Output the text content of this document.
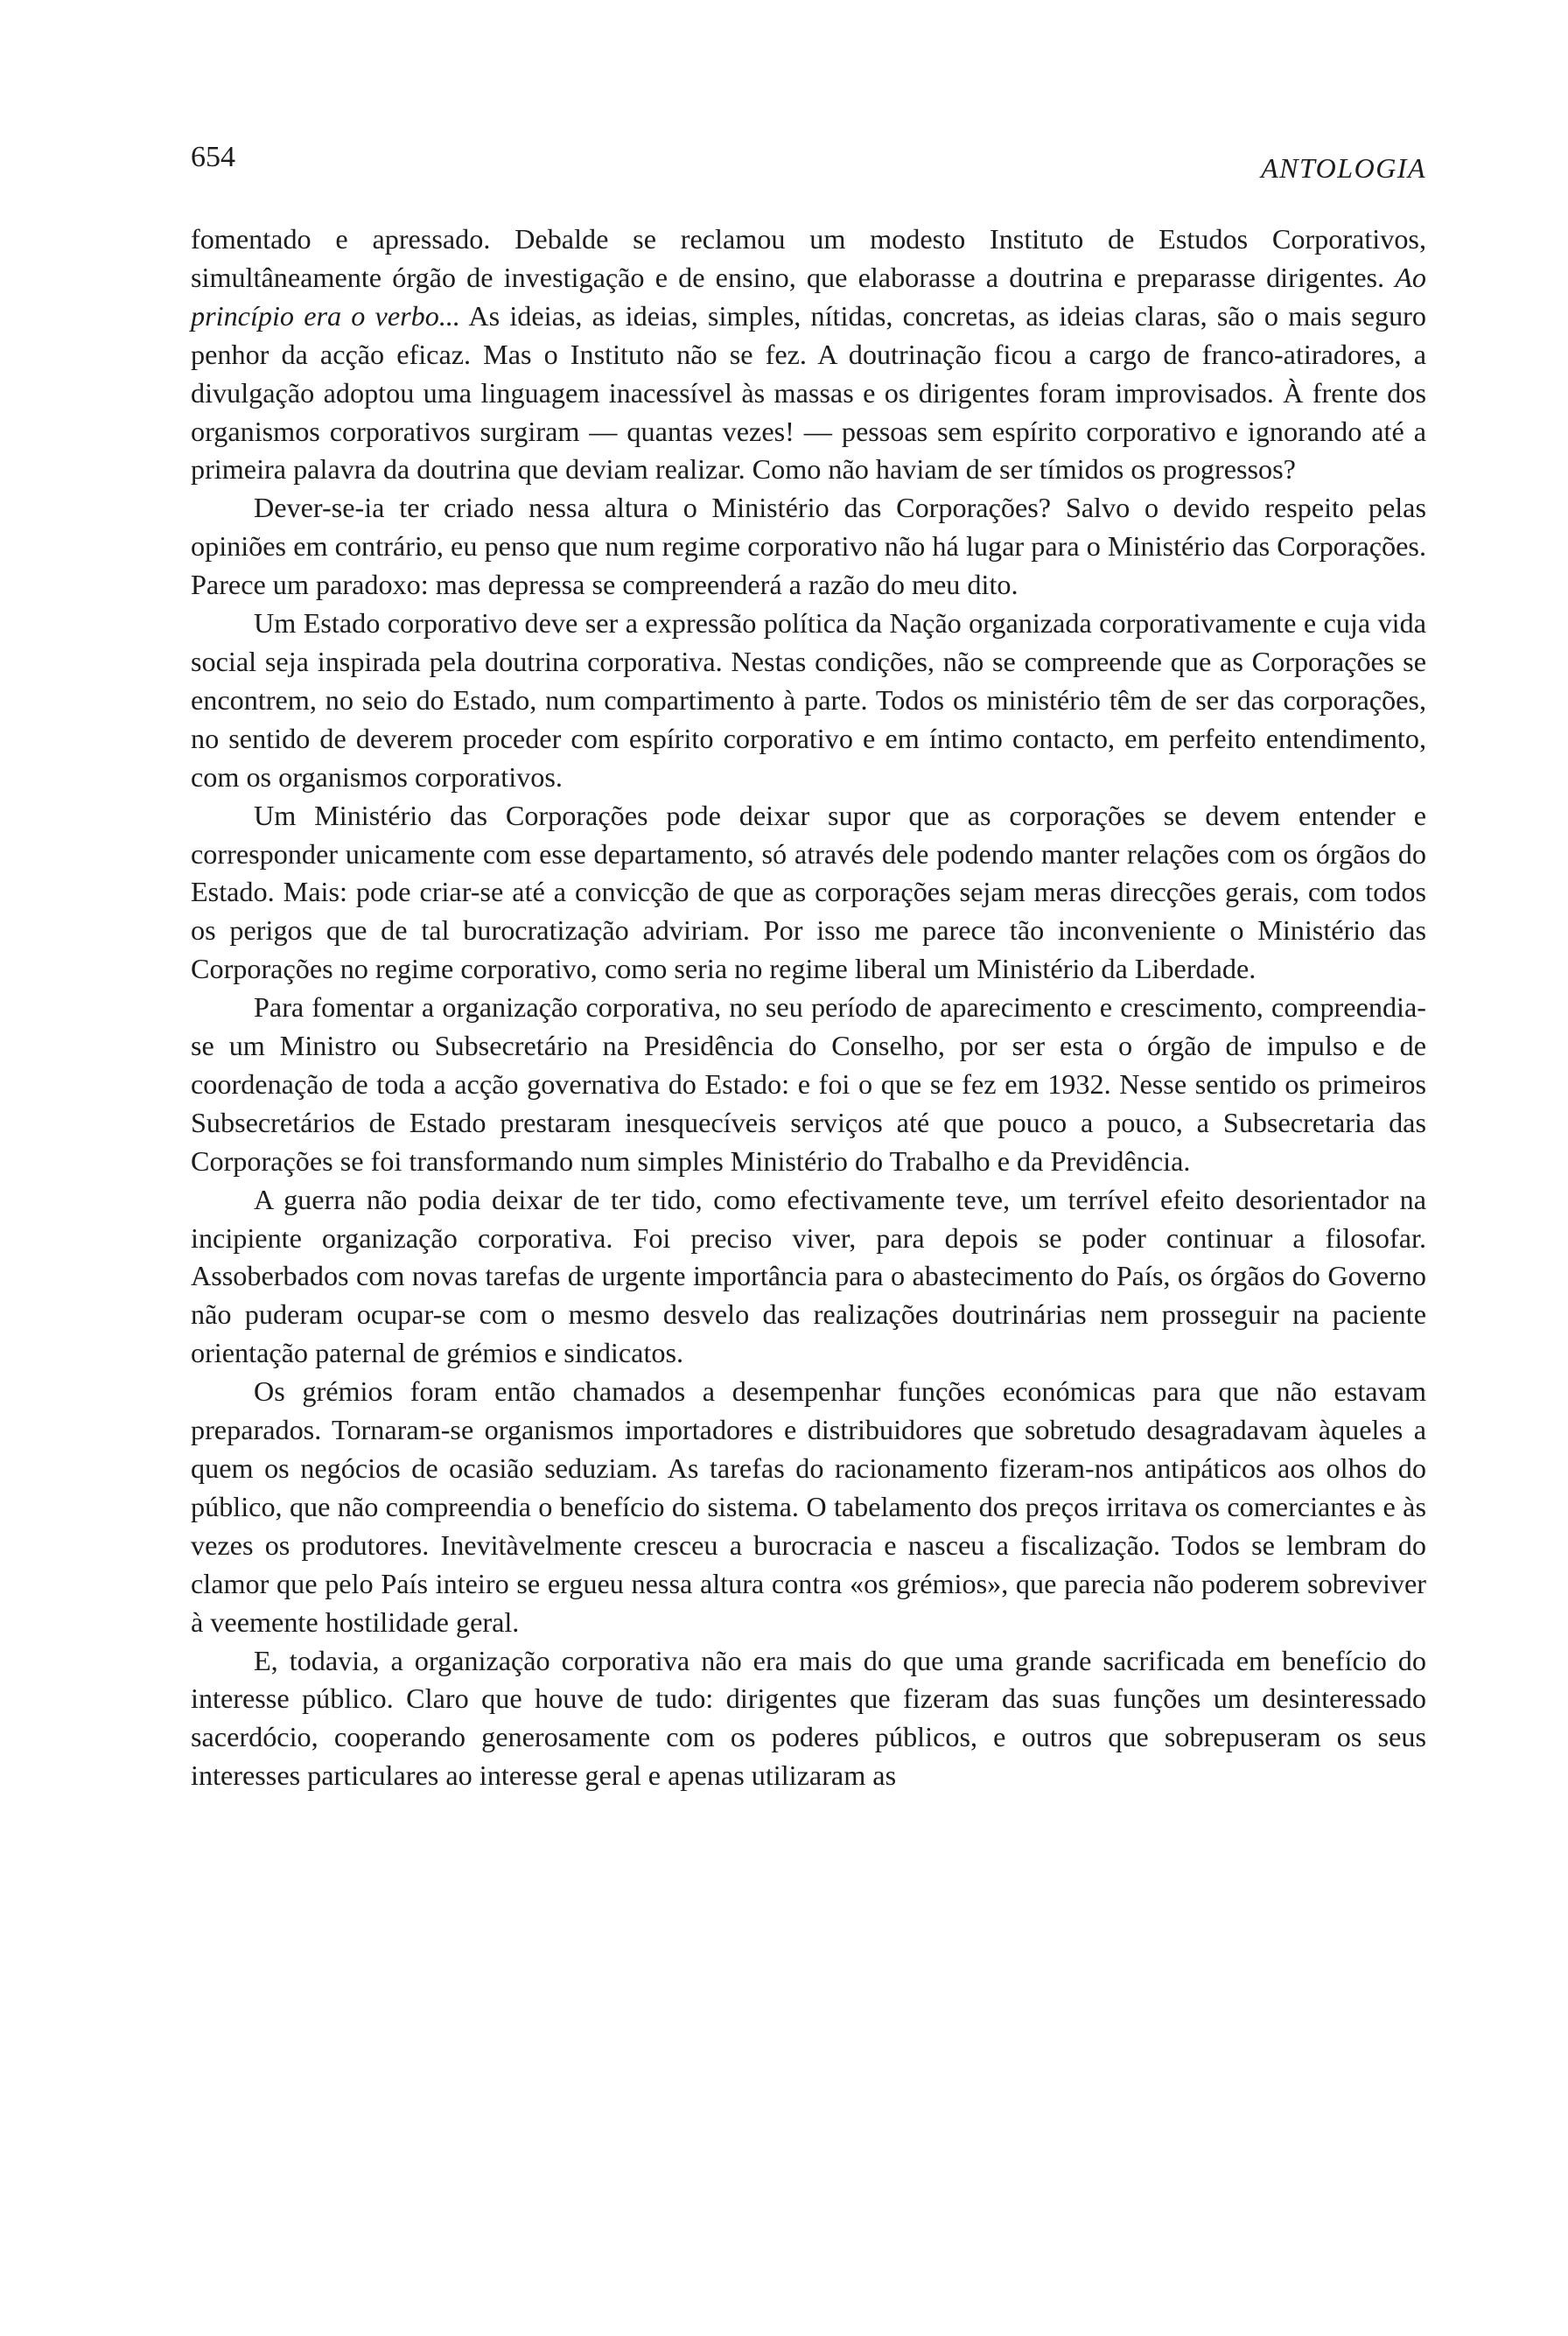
654	ANTOLOGIA

fomentado e apressado. Debalde se reclamou um modesto Instituto de Estudos Corporativos, simultâneamente órgão de investigação e de ensino, que elaborasse a doutrina e preparasse dirigentes. Ao princípio era o verbo... As ideias, as ideias, simples, nítidas, concretas, as ideias claras, são o mais seguro penhor da acção eficaz. Mas o Instituto não se fez. A doutrinação ficou a cargo de franco-atiradores, a divulgação adoptou uma linguagem inacessível às massas e os dirigentes foram improvisados. À frente dos organismos corporativos surgiram — quantas vezes! — pessoas sem espírito corporativo e ignorando até a primeira palavra da doutrina que deviam realizar. Como não haviam de ser tímidos os progressos?

Dever-se-ia ter criado nessa altura o Ministério das Corporações? Salvo o devido respeito pelas opiniões em contrário, eu penso que num regime corporativo não há lugar para o Ministério das Corporações. Parece um paradoxo: mas depressa se compreenderá a razão do meu dito.

Um Estado corporativo deve ser a expressão política da Nação organizada corporativamente e cuja vida social seja inspirada pela doutrina corporativa. Nestas condições, não se compreende que as Corporações se encontrem, no seio do Estado, num compartimento à parte. Todos os ministério têm de ser das corporações, no sentido de deverem proceder com espírito corporativo e em íntimo contacto, em perfeito entendimento, com os organismos corporativos.

Um Ministério das Corporações pode deixar supor que as corporações se devem entender e corresponder unicamente com esse departamento, só através dele podendo manter relações com os órgãos do Estado. Mais: pode criar-se até a convicção de que as corporações sejam meras direcções gerais, com todos os perigos que de tal burocratização adviriam. Por isso me parece tão inconveniente o Ministério das Corporações no regime corporativo, como seria no regime liberal um Ministério da Liberdade.

Para fomentar a organização corporativa, no seu período de aparecimento e crescimento, compreendia-se um Ministro ou Subsecretário na Presidência do Conselho, por ser esta o órgão de impulso e de coordenação de toda a acção governativa do Estado: e foi o que se fez em 1932. Nesse sentido os primeiros Subsecretários de Estado prestaram inesquecíveis serviços até que pouco a pouco, a Subsecretaria das Corporações se foi transformando num simples Ministério do Trabalho e da Previdência.

A guerra não podia deixar de ter tido, como efectivamente teve, um terrível efeito desorientador na incipiente organização corporativa. Foi preciso viver, para depois se poder continuar a filosofar. Assoberbados com novas tarefas de urgente importância para o abastecimento do País, os órgãos do Governo não puderam ocupar-se com o mesmo desvelo das realizações doutrinárias nem prosseguir na paciente orientação paternal de grémios e sindicatos.

Os grémios foram então chamados a desempenhar funções económicas para que não estavam preparados. Tornaram-se organismos importadores e distribuidores que sobretudo desagradavam àqueles a quem os negócios de ocasião seduziam. As tarefas do racionamento fizeram-nos antipáticos aos olhos do público, que não compreendia o benefício do sistema. O tabelamento dos preços irritava os comerciantes e às vezes os produtores. Inevitàvelmente cresceu a burocracia e nasceu a fiscalização. Todos se lembram do clamor que pelo País inteiro se ergueu nessa altura contra «os grémios», que parecia não poderem sobreviver à veemente hostilidade geral.

E, todavia, a organização corporativa não era mais do que uma grande sacrificada em benefício do interesse público. Claro que houve de tudo: dirigentes que fizeram das suas funções um desinteressado sacerdócio, cooperando generosamente com os poderes públicos, e outros que sobrepuseram os seus interesses particulares ao interesse geral e apenas utilizaram as
